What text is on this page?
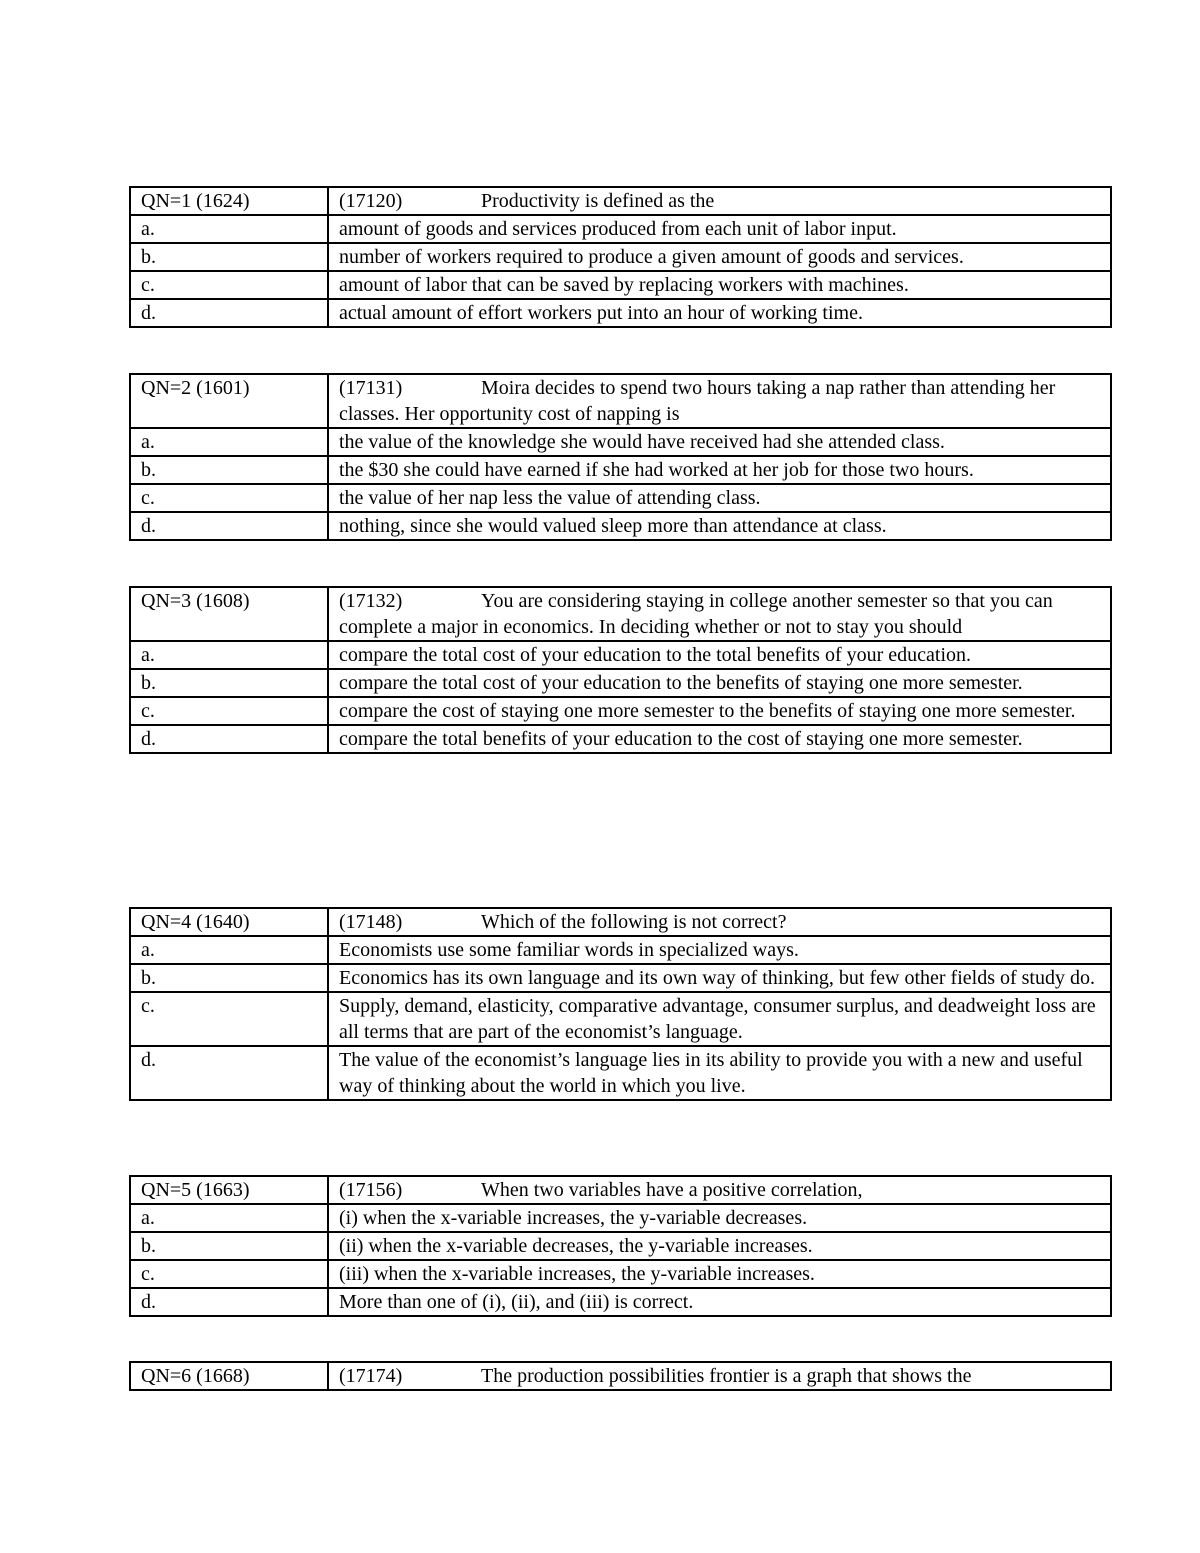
QN=1 (1624)	(17120) Productivity is defined as the
a.	amount of goods and services produced from each unit of labor input.
b.	number of workers required to produce a given amount of goods and services.
c.	amount of labor that can be saved by replacing workers with machines.
d.	actual amount of effort workers put into an hour of working time.
QN=2 (1601)	(17131) Moira decides to spend two hours taking a nap rather than attending her classes. Her opportunity cost of napping is
a.	the value of the knowledge she would have received had she attended class.
b.	the $30 she could have earned if she had worked at her job for those two hours.
c.	the value of her nap less the value of attending class.
d.	nothing, since she would valued sleep more than attendance at class.
QN=3 (1608)	(17132) You are considering staying in college another semester so that you can complete a major in economics. In deciding whether or not to stay you should
a.	compare the total cost of your education to the total benefits of your education.
b.	compare the total cost of your education to the benefits of staying one more semester.
c.	compare the cost of staying one more semester to the benefits of staying one more semester.
d.	compare the total benefits of your education to the cost of staying one more semester.
QN=4 (1640)	(17148) Which of the following is not correct?
a.	Economists use some familiar words in specialized ways.
b.	Economics has its own language and its own way of thinking, but few other fields of study do.
c.	Supply, demand, elasticity, comparative advantage, consumer surplus, and deadweight loss are all terms that are part of the economist’s language.
d.	The value of the economist’s language lies in its ability to provide you with a new and useful way of thinking about the world in which you live.
QN=5 (1663)	(17156) When two variables have a positive correlation,
a.	(i) when the x-variable increases, the y-variable decreases.
b.	(ii) when the x-variable decreases, the y-variable increases.
c.	(iii) when the x-variable increases, the y-variable increases.
d.	More than one of (i), (ii), and (iii) is correct.
QN=6 (1668)	(17174)	The production possibilities frontier is a graph that shows the
